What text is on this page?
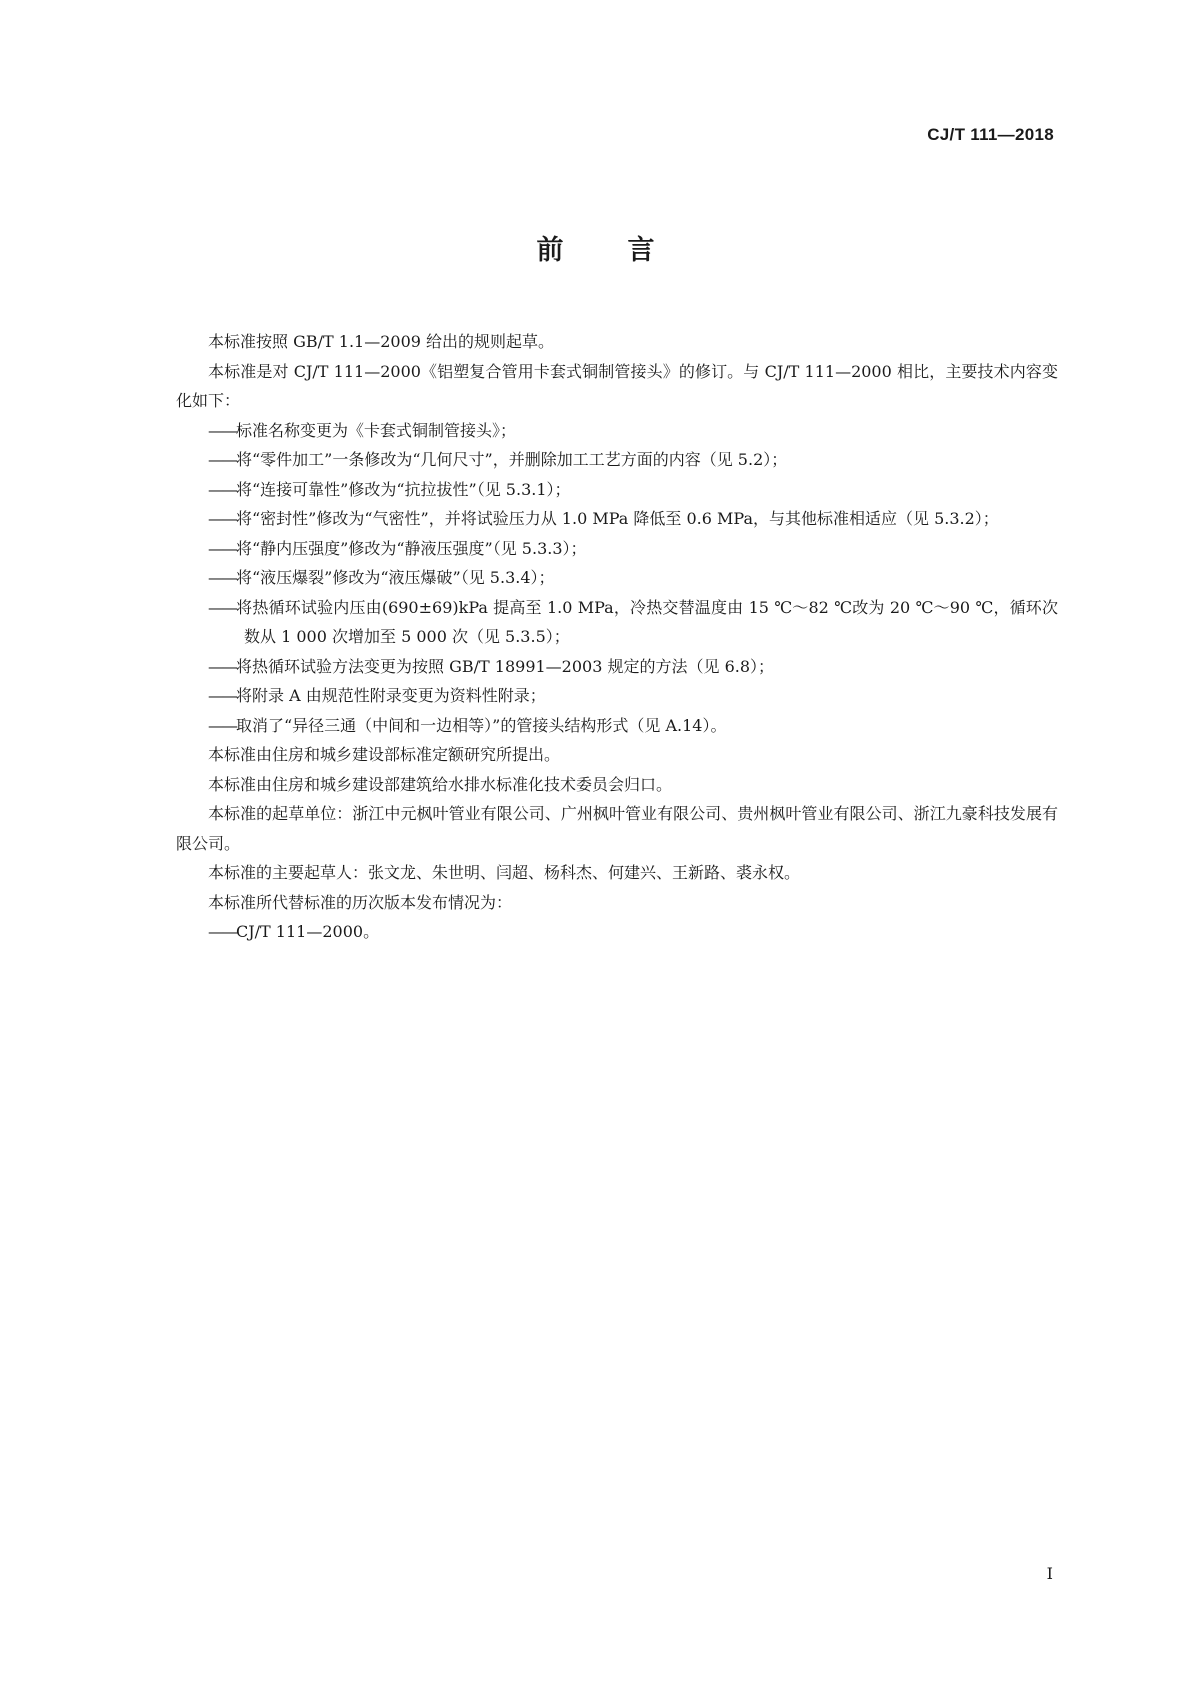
CJ/T 111—2018
前言

本标准按照 GB/T 1.1—2009 给出的规则起草。

本标准是对 CJ/T 111—2000《铝塑复合管用卡套式铜制管接头》的修订。与 CJ/T 111—2000 相比，主要技术内容变化如下：

——标准名称变更为《卡套式铜制管接头》；

——将“零件加工”一条修改为“几何尺寸”，并删除加工工艺方面的内容（见 5.2）；

——将“连接可靠性”修改为“抗拉拔性”（见 5.3.1）；

——将“密封性”修改为“气密性”，并将试验压力从 1.0 MPa 降低至 0.6 MPa，与其他标准相适应（见 5.3.2）；

——将“静内压强度”修改为“静液压强度”（见 5.3.3）；

——将“液压爆裂”修改为“液压爆破”（见 5.3.4）；

——将热循环试验内压由(690±69)kPa 提高至 1.0 MPa，冷热交替温度由 15 ℃～82 ℃改为 20 ℃～90 ℃，循环次数从 1 000 次增加至 5 000 次（见 5.3.5）；

——将热循环试验方法变更为按照 GB/T 18991—2003 规定的方法（见 6.8）；

——将附录 A 由规范性附录变更为资料性附录；

——取消了“异径三通（中间和一边相等）”的管接头结构形式（见 A.14）。

本标准由住房和城乡建设部标准定额研究所提出。

本标准由住房和城乡建设部建筑给水排水标准化技术委员会归口。

本标准的起草单位：浙江中元枫叶管业有限公司、广州枫叶管业有限公司、贵州枫叶管业有限公司、浙江九豪科技发展有限公司。

本标准的主要起草人：张文龙、朱世明、闫超、杨科杰、何建兴、王新路、裘永权。

本标准所代替标准的历次版本发布情况为：

——CJ/T 111—2000。

I
